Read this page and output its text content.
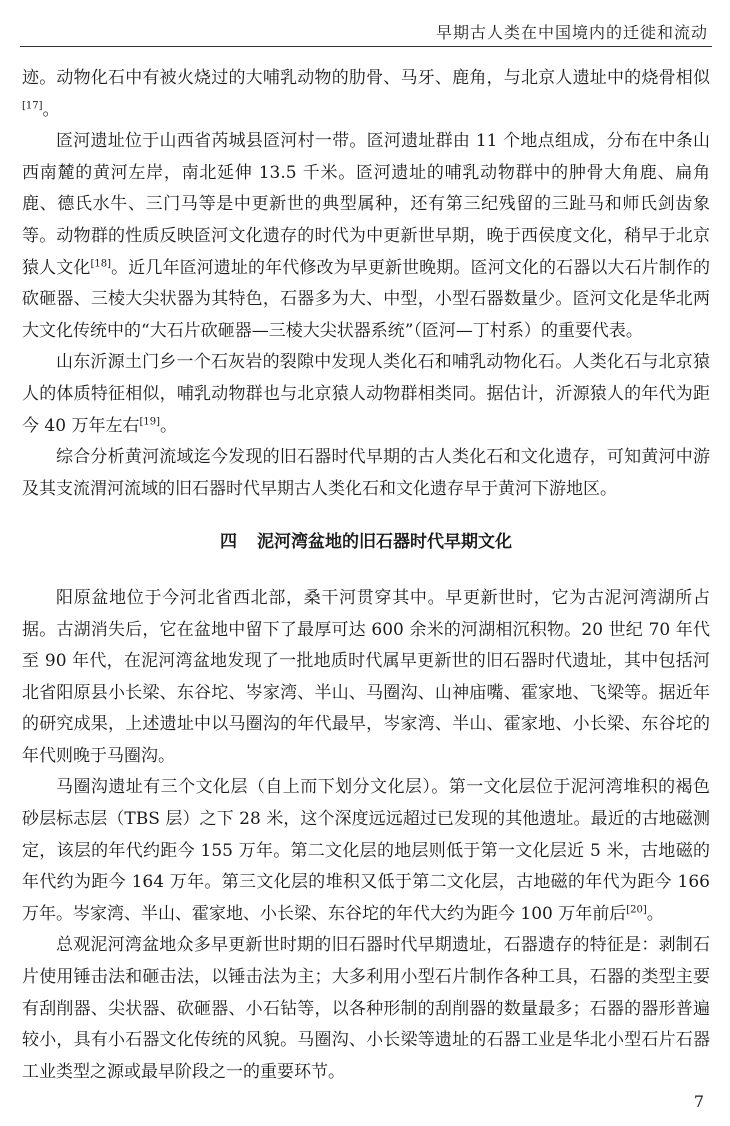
早期古人类在中国境内的迁徙和流动

迹。动物化石中有被火烧过的大哺乳动物的肋骨、马牙、鹿角，与北京人遗址中的烧骨相似[17]。

匼河遗址位于山西省芮城县匼河村一带。匼河遗址群由 11 个地点组成，分布在中条山西南麓的黄河左岸，南北延伸 13.5 千米。匼河遗址的哺乳动物群中的肿骨大角鹿、扁角鹿、德氏水牛、三门马等是中更新世的典型属种，还有第三纪残留的三趾马和师氏剑齿象等。动物群的性质反映匼河文化遗存的时代为中更新世早期，晚于西侯度文化，稍早于北京猿人文化[18]。近几年匼河遗址的年代修改为早更新世晚期。匼河文化的石器以大石片制作的砍砸器、三棱大尖状器为其特色，石器多为大、中型，小型石器数量少。匼河文化是华北两大文化传统中的“大石片砍砸器—三棱大尖状器系统”（匼河—丁村系）的重要代表。

山东沂源土门乡一个石灰岩的裂隙中发现人类化石和哺乳动物化石。人类化石与北京猿人的体质特征相似，哺乳动物群也与北京猿人动物群相类同。据估计，沂源猿人的年代为距今 40 万年左右[19]。

综合分析黄河流域迄今发现的旧石器时代早期的古人类化石和文化遗存，可知黄河中游及其支流渭河流域的旧石器时代早期古人类化石和文化遗存早于黄河下游地区。

四 泥河湾盆地的旧石器时代早期文化

阳原盆地位于今河北省西北部，桑干河贯穿其中。早更新世时，它为古泥河湾湖所占据。古湖消失后，它在盆地中留下了最厚可达 600 余米的河湖相沉积物。20 世纪 70 年代至 90 年代，在泥河湾盆地发现了一批地质时代属早更新世的旧石器时代遗址，其中包括河北省阳原县小长梁、东谷坨、岑家湾、半山、马圈沟、山神庙嘴、霍家地、飞梁等。据近年的研究成果，上述遗址中以马圈沟的年代最早，岑家湾、半山、霍家地、小长梁、东谷坨的年代则晚于马圈沟。

马圈沟遗址有三个文化层（自上而下划分文化层）。第一文化层位于泥河湾堆积的褐色砂层标志层（TBS 层）之下 28 米，这个深度远远超过已发现的其他遗址。最近的古地磁测定，该层的年代约距今 155 万年。第二文化层的地层则低于第一文化层近 5 米，古地磁的年代约为距今 164 万年。第三文化层的堆积又低于第二文化层，古地磁的年代为距今 166 万年。岑家湾、半山、霍家地、小长梁、东谷坨的年代大约为距今 100 万年前后[20]。

总观泥河湾盆地众多早更新世时期的旧石器时代早期遗址，石器遗存的特征是：剥制石片使用锤击法和砸击法，以锤击法为主；大多利用小型石片制作各种工具，石器的类型主要有刮削器、尖状器、砍砸器、小石钻等，以各种形制的刮削器的数量最多；石器的器形普遍较小，具有小石器文化传统的风貌。马圈沟、小长梁等遗址的石器工业是华北小型石片石器工业类型之源或最早阶段之一的重要环节。

7
